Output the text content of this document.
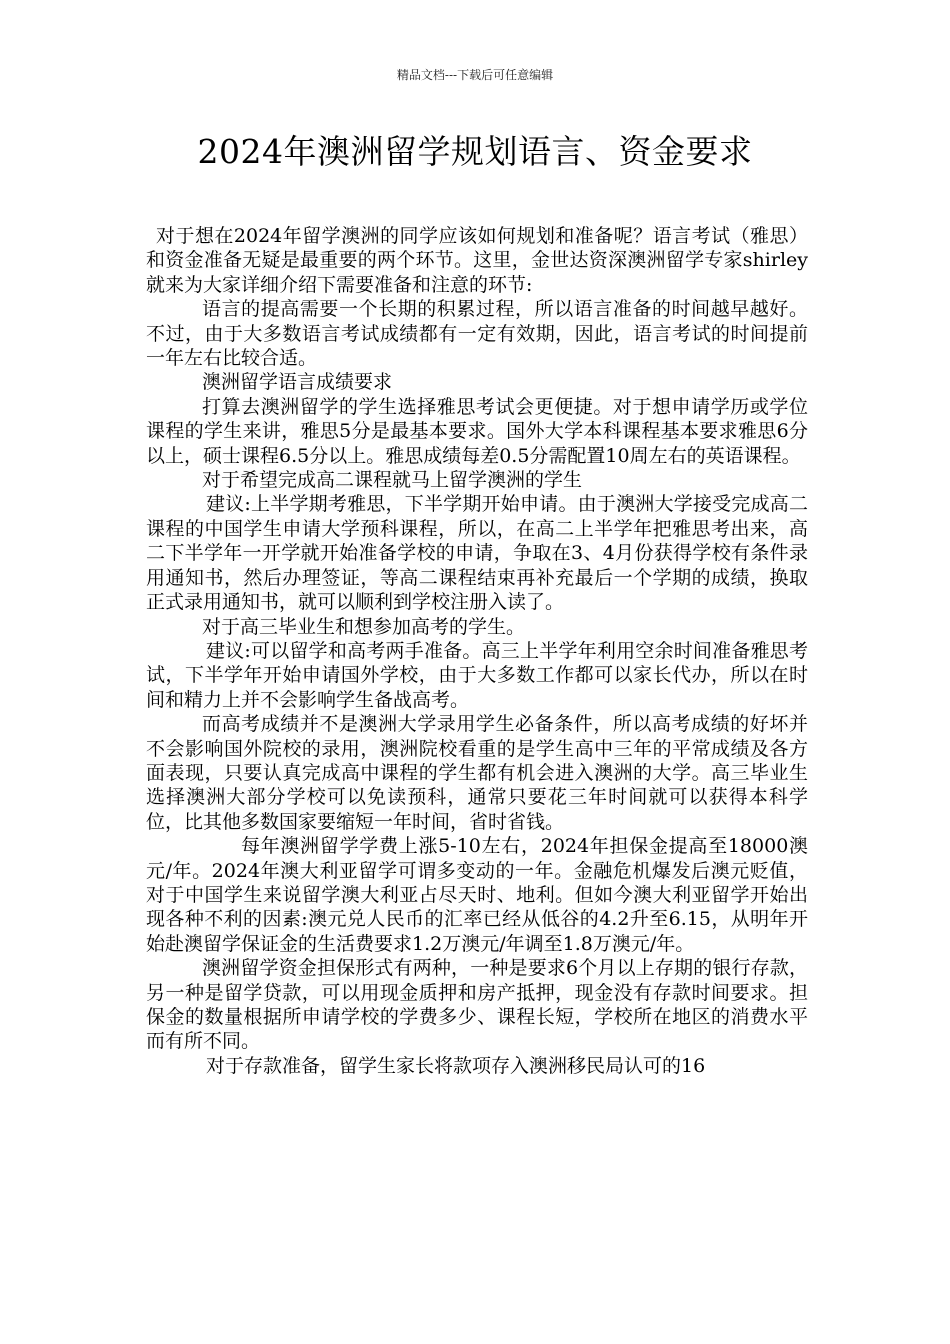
精品文档---下载后可任意编辑
2024年澳洲留学规划语言、资金要求

对于想在2024年留学澳洲的同学应该如何规划和准备呢？语言考试（雅思）和资金准备无疑是最重要的两个环节。这里，金世达资深澳洲留学专家shirley就来为大家详细介绍下需要准备和注意的环节:

语言的提高需要一个长期的积累过程，所以语言准备的时间越早越好。不过，由于大多数语言考试成绩都有一定有效期，因此，语言考试的时间提前一年左右比较合适。

澳洲留学语言成绩要求

打算去澳洲留学的学生选择雅思考试会更便捷。对于想申请学历或学位课程的学生来讲，雅思5分是最基本要求。国外大学本科课程基本要求雅思6分以上，硕士课程6.5分以上。雅思成绩每差0.5分需配置10周左右的英语课程。

对于希望完成高二课程就马上留学澳洲的学生

建议:上半学期考雅思，下半学期开始申请。由于澳洲大学接受完成高二课程的中国学生申请大学预科课程，所以，在高二上半学年把雅思考出来，高二下半学年一开学就开始准备学校的申请，争取在3、4月份获得学校有条件录用通知书，然后办理签证，等高二课程结束再补充最后一个学期的成绩，换取正式录用通知书，就可以顺利到学校注册入读了。

对于高三毕业生和想参加高考的学生。

建议:可以留学和高考两手准备。高三上半学年利用空余时间准备雅思考试，下半学年开始申请国外学校，由于大多数工作都可以家长代办，所以在时间和精力上并不会影响学生备战高考。

而高考成绩并不是澳洲大学录用学生必备条件，所以高考成绩的好坏并不会影响国外院校的录用，澳洲院校看重的是学生高中三年的平常成绩及各方面表现，只要认真完成高中课程的学生都有机会进入澳洲的大学。高三毕业生选择澳洲大部分学校可以免读预科，通常只要花三年时间就可以获得本科学位，比其他多数国家要缩短一年时间，省时省钱。

每年澳洲留学学费上涨5-10左右，2024年担保金提高至18000澳元/年。2024年澳大利亚留学可谓多变动的一年。金融危机爆发后澳元贬值，对于中国学生来说留学澳大利亚占尽天时、地利。但如今澳大利亚留学开始出现各种不利的因素:澳元兑人民币的汇率已经从低谷的4.2升至6.15，从明年开始赴澳留学保证金的生活费要求1.2万澳元/年调至1.8万澳元/年。

澳洲留学资金担保形式有两种，一种是要求6个月以上存期的银行存款，另一种是留学贷款，可以用现金质押和房产抵押，现金没有存款时间要求。担保金的数量根据所申请学校的学费多少、课程长短，学校所在地区的消费水平而有所不同。

对于存款准备，留学生家长将款项存入澳洲移民局认可的16
